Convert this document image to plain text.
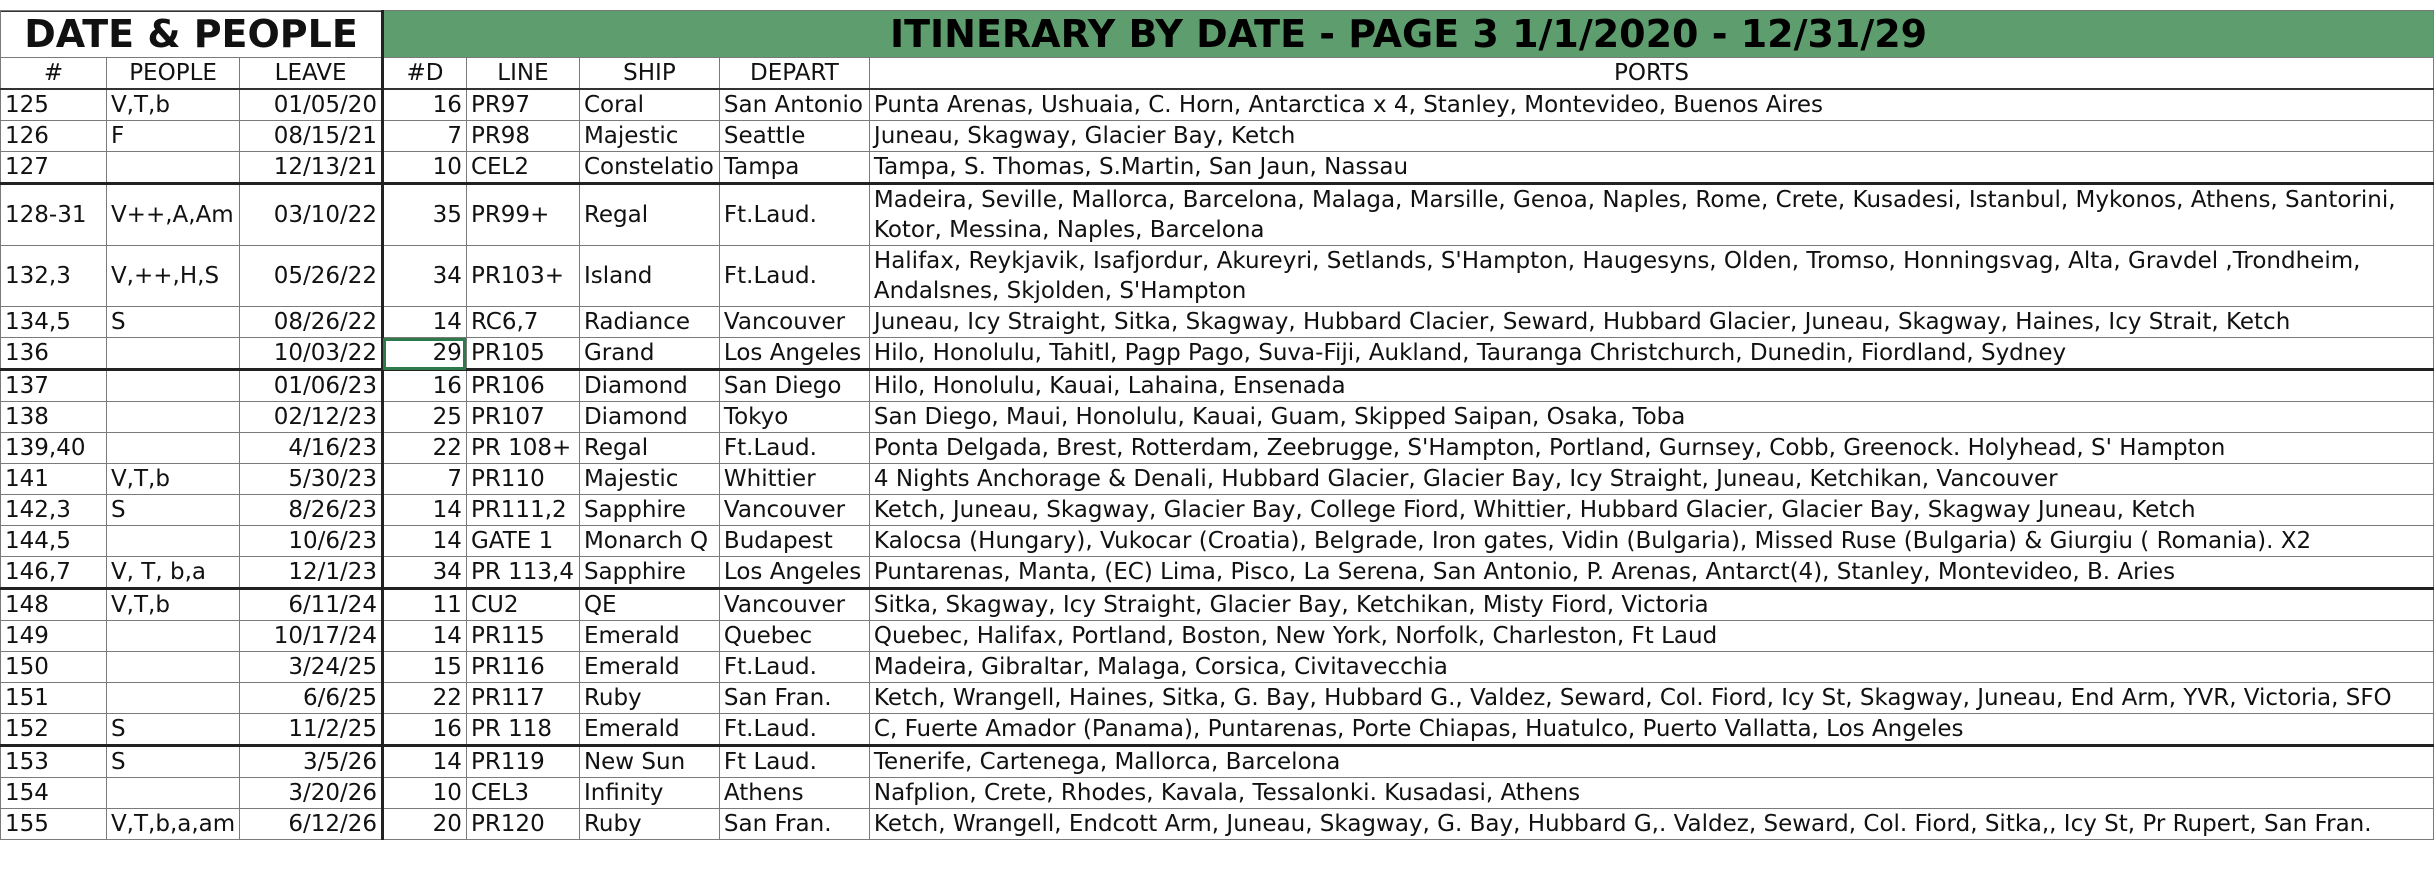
DATE & PEOPLE			ITINERARY BY DATE - PAGE 3 1/1/2020 - 12/31/29				
#	PEOPLE	LEAVE	#D	LINE	SHIP	DEPART	PORTS
125	V,T,b	01/05/20	16	PR97	Coral	San Antonio	Punta Arenas, Ushuaia, C. Horn, Antarctica x 4, Stanley, Montevideo, Buenos Aires
126	F	08/15/21	7	PR98	Majestic	Seattle	Juneau, Skagway, Glacier Bay, Ketch
127		12/13/21	10	CEL2	Constelatio	Tampa	Tampa, S. Thomas, S.Martin, San Jaun, Nassau
128-31	V++,A,Am	03/10/22	35	PR99+	Regal	Ft.Laud.	Madeira, Seville, Mallorca, Barcelona, Malaga, Marsille, Genoa, Naples, Rome, Crete, Kusadesi, Istanbul, Mykonos, Athens, Santorini, Kotor, Messina, Naples, Barcelona
132,3	V,++,H,S	05/26/22	34	PR103+	Island	Ft.Laud.	Halifax, Reykjavik, Isafjordur, Akureyri, Setlands, S'Hampton, Haugesyns, Olden, Tromso, Honningsvag, Alta, Gravdel ,Trondheim, Andalsnes, Skjolden, S'Hampton
134,5	S	08/26/22	14	RC6,7	Radiance	Vancouver	Juneau, Icy Straight, Sitka, Skagway, Hubbard Clacier, Seward, Hubbard Glacier, Juneau, Skagway, Haines, Icy Strait, Ketch
136		10/03/22	29	PR105	Grand	Los Angeles	Hilo, Honolulu, Tahitl, Pagp Pago, Suva-Fiji, Aukland, Tauranga Christchurch, Dunedin, Fiordland, Sydney
137		01/06/23	16	PR106	Diamond	San Diego	Hilo, Honolulu, Kauai, Lahaina, Ensenada
138		02/12/23	25	PR107	Diamond	Tokyo	San Diego, Maui, Honolulu, Kauai, Guam, Skipped Saipan, Osaka, Toba
139,40		4/16/23	22	PR 108+	Regal	Ft.Laud.	Ponta Delgada, Brest, Rotterdam, Zeebrugge, S'Hampton, Portland, Gurnsey, Cobb, Greenock. Holyhead, S' Hampton
141	V,T,b	5/30/23	7	PR110	Majestic	Whittier	4 Nights Anchorage & Denali, Hubbard Glacier, Glacier Bay, Icy Straight, Juneau, Ketchikan, Vancouver
142,3	S	8/26/23	14	PR111,2	Sapphire	Vancouver	Ketch, Juneau, Skagway, Glacier Bay, College Fiord, Whittier, Hubbard Glacier, Glacier Bay, Skagway Juneau, Ketch
144,5		10/6/23	14	GATE 1	Monarch Q	Budapest	Kalocsa (Hungary), Vukocar (Croatia), Belgrade, Iron gates, Vidin (Bulgaria), Missed Ruse (Bulgaria) & Giurgiu ( Romania). X2
146,7	V, T, b,a	12/1/23	34	PR 113,4	Sapphire	Los Angeles	Puntarenas, Manta, (EC) Lima, Pisco, La Serena, San Antonio, P. Arenas, Antarct(4), Stanley, Montevideo, B. Aries
148	V,T,b	6/11/24	11	CU2	QE	Vancouver	Sitka, Skagway, Icy Straight, Glacier Bay, Ketchikan, Misty Fiord, Victoria
149		10/17/24	14	PR115	Emerald	Quebec	Quebec, Halifax, Portland, Boston, New York, Norfolk, Charleston, Ft Laud
150		3/24/25	15	PR116	Emerald	Ft.Laud.	Madeira, Gibraltar, Malaga, Corsica, Civitavecchia
151		6/6/25	22	PR117	Ruby	San Fran.	Ketch, Wrangell, Haines, Sitka, G. Bay, Hubbard G., Valdez, Seward, Col. Fiord, Icy St, Skagway, Juneau, End Arm, YVR, Victoria, SFO
152	S	11/2/25	16	PR 118	Emerald	Ft.Laud.	C, Fuerte Amador (Panama), Puntarenas, Porte Chiapas, Huatulco, Puerto Vallatta, Los Angeles
153	S	3/5/26	14	PR119	New Sun	Ft Laud.	Tenerife, Cartenega, Mallorca, Barcelona
154		3/20/26	10	CEL3	Infinity	Athens	Nafplion, Crete, Rhodes, Kavala, Tessalonki. Kusadasi, Athens
155	V,T,b,a,am	6/12/26	20	PR120	Ruby	San Fran.	Ketch, Wrangell, Endcott Arm, Juneau, Skagway, G. Bay, Hubbard G,. Valdez, Seward, Col. Fiord, Sitka,, Icy St, Pr Rupert, San Fran.
